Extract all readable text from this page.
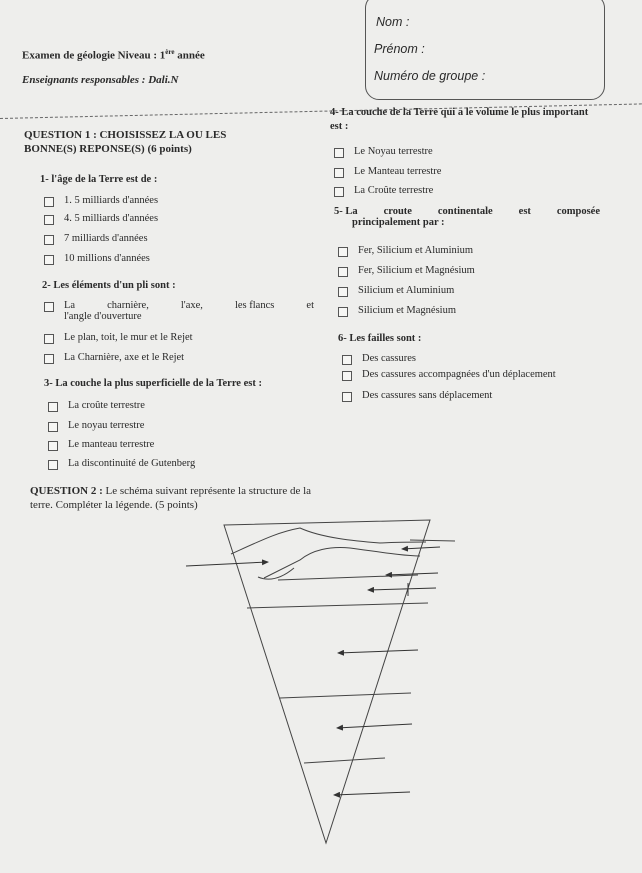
Examen de géologie Niveau : 1ère année
Enseignants responsables : Dali.N
Nom :
Prénom :
Numéro de groupe :
QUESTION 1 : CHOISISSEZ LA OU LES BONNE(S) REPONSE(S) (6 points)
1- l'âge de la Terre est de :
1. 5 milliards d'années
4. 5 milliards d'années
7 milliards d'années
10 millions d'années
2- Les éléments d'un pli sont :
La	charnière,	l'axe,	les flancs	et
l'angle d'ouverture
Le plan, toit, le mur et le Rejet
La Charnière, axe et le Rejet
3- La couche la plus superficielle de la Terre est :
La croûte terrestre
Le noyau terrestre
Le manteau terrestre
La discontinuité de Gutenberg
4- La couche de la Terre qui a le volume le plus important est :
Le Noyau terrestre
Le Manteau terrestre
La Croûte terrestre
5- La croute continentale est composée
principalement par :
Fer, Silicium et Aluminium
Fer, Silicium et Magnésium
Silicium et Aluminium
Silicium et Magnésium
6- Les failles sont :
Des cassures
Des cassures accompagnées d'un déplacement
Des cassures sans déplacement
QUESTION 2 : Le schéma suivant représente la structure de la terre. Compléter la légende. (5 points)
